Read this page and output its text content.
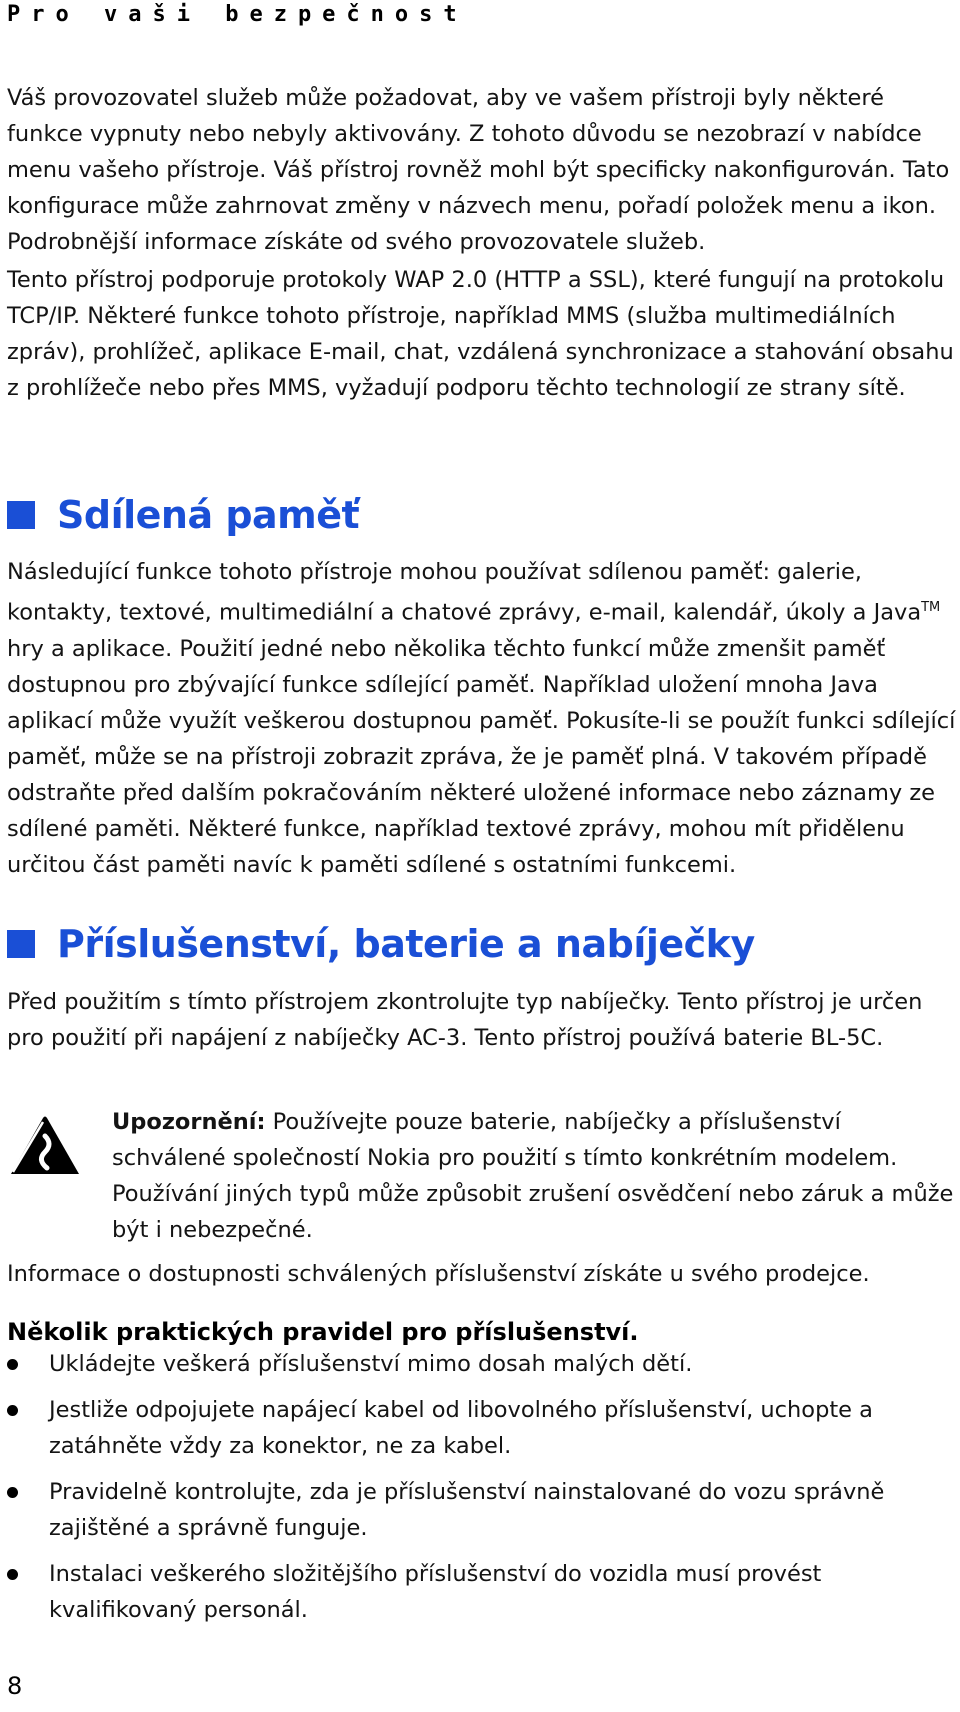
Pro vaši bezpečnost

Váš provozovatel služeb může požadovat, aby ve vašem přístroji byly některé funkce vypnuty nebo nebyly aktivovány. Z tohoto důvodu se nezobrazí v nabídce menu vašeho přístroje. Váš přístroj rovněž mohl být specificky nakonfigurován. Tato konfigurace může zahrnovat změny v názvech menu, pořadí položek menu a ikon. Podrobnější informace získáte od svého provozovatele služeb.

Tento přístroj podporuje protokoly WAP 2.0 (HTTP a SSL), které fungují na protokolu TCP/IP. Některé funkce tohoto přístroje, například MMS (služba multimediálních zpráv), prohlížeč, aplikace E-mail, chat, vzdálená synchronizace a stahování obsahu z prohlížeče nebo přes MMS, vyžadují podporu těchto technologií ze strany sítě.

Sdílená paměť

Následující funkce tohoto přístroje mohou používat sdílenou paměť: galerie, kontakty, textové, multimediální a chatové zprávy, e-mail, kalendář, úkoly a Java™ hry a aplikace. Použití jedné nebo několika těchto funkcí může zmenšit paměť dostupnou pro zbývající funkce sdílející paměť. Například uložení mnoha Java aplikací může využít veškerou dostupnou paměť. Pokusíte-li se použít funkci sdílející paměť, může se na přístroji zobrazit zpráva, že je paměť plná. V takovém případě odstraňte před dalším pokračováním některé uložené informace nebo záznamy ze sdílené paměti. Některé funkce, například textové zprávy, mohou mít přidělenu určitou část paměti navíc k paměti sdílené s ostatními funkcemi.

Příslušenství, baterie a nabíječky

Před použitím s tímto přístrojem zkontrolujte typ nabíječky. Tento přístroj je určen pro použití při napájení z nabíječky AC-3. Tento přístroj používá baterie BL-5C.

Upozornění: Používejte pouze baterie, nabíječky a příslušenství schválené společností Nokia pro použití s tímto konkrétním modelem. Používání jiných typů může způsobit zrušení osvědčení nebo záruk a může být i nebezpečné.

Informace o dostupnosti schválených příslušenství získáte u svého prodejce.

Několik praktických pravidel pro příslušenství.
Ukládejte veškerá příslušenství mimo dosah malých dětí.
Jestliže odpojujete napájecí kabel od libovolného příslušenství, uchopte a zatáhněte vždy za konektor, ne za kabel.
Pravidelně kontrolujte, zda je příslušenství nainstalované do vozu správně zajištěné a správně funguje.
Instalaci veškerého složitějšího příslušenství do vozidla musí provést kvalifikovaný personál.
8
